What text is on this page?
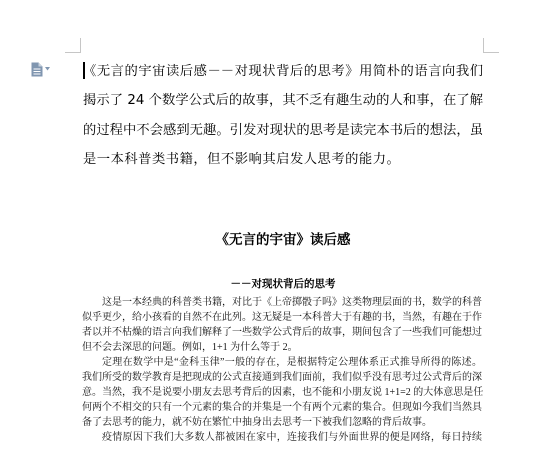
《无言的宇宙读后感－－对现状背后的思考》用简朴的语言向我们
揭示了 24 个数学公式后的故事，其不乏有趣生动的人和事，在了解
的过程中不会感到无趣。引发对现状的思考是读完本书后的想法，虽
是一本科普类书籍，但不影响其启发人思考的能力。
《无言的宇宙》读后感
－－对现状背后的思考
这是一本经典的科普类书籍，对比于《上帝掷骰子吗》这类物理层面的书，数学的科普
似乎更少，给小孩看的自然不在此列。这无疑是一本科普大于有趣的书，当然，有趣在于作
者以并不枯燥的语言向我们解释了一些数学公式背后的故事，期间包含了一些我们可能想过
但不会去深思的问题。例如，1+1 为什么等于 2。
定理在数学中是“金科玉律”一般的存在，是根据特定公理体系正式推导所得的陈述。
我们所受的数学教育是把现成的公式直接通到我们面前，我们似乎没有思考过公式背后的深
意。当然，我不是说要小朋友去思考背后的因素，也不能和小朋友说 1+1=2 的大体意思是任
何两个不相交的只有一个元素的集合的并集是一个有两个元素的集合。但现如今我们当然具
备了去思考的能力，就不妨在繁忙中抽身出去思考一下被我们忽略的背后故事。
疫情原因下我们大多数人都被困在家中，连接我们与外面世界的便是网络，每日持续
